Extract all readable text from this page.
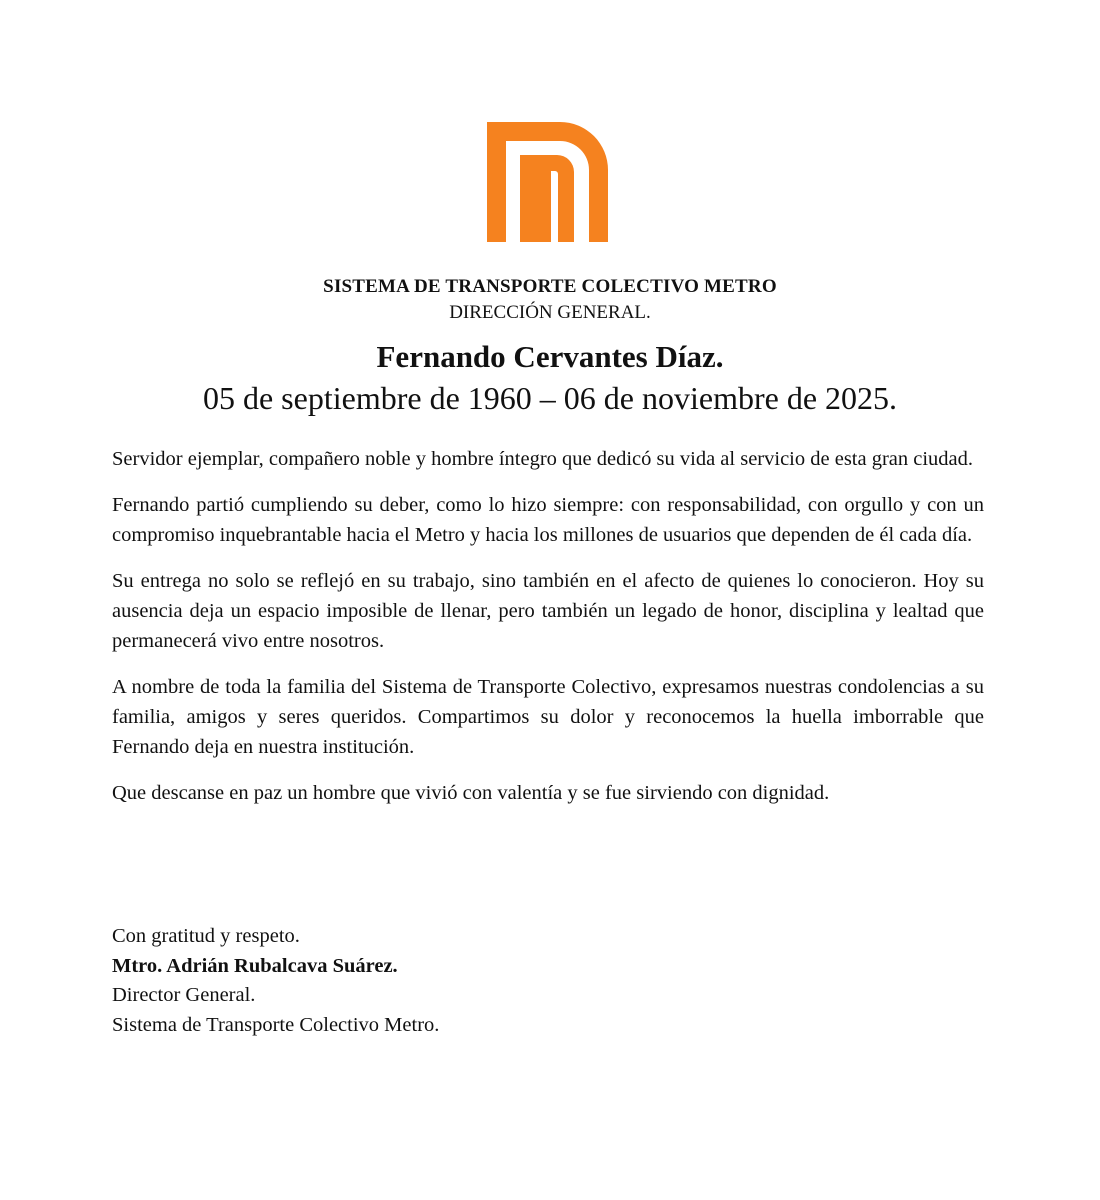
SISTEMA DE TRANSPORTE COLECTIVO METRO
DIRECCIÓN GENERAL.
Fernando Cervantes Díaz.
05 de septiembre de 1960 – 06 de noviembre de 2025.

Servidor ejemplar, compañero noble y hombre íntegro que dedicó su vida al servicio de esta gran ciudad.

Fernando partió cumpliendo su deber, como lo hizo siempre: con responsabilidad, con orgullo y con un compromiso inquebrantable hacia el Metro y hacia los millones de usuarios que dependen de él cada día.

Su entrega no solo se reflejó en su trabajo, sino también en el afecto de quienes lo conocieron. Hoy su ausencia deja un espacio imposible de llenar, pero también un legado de honor, disciplina y lealtad que permanecerá vivo entre nosotros.

A nombre de toda la familia del Sistema de Transporte Colectivo, expresamos nuestras condolencias a su familia, amigos y seres queridos. Compartimos su dolor y reconocemos la huella imborrable que Fernando deja en nuestra institución.

Que descanse en paz un hombre que vivió con valentía y se fue sirviendo con dignidad.

Con gratitud y respeto.
Mtro. Adrián Rubalcava Suárez.
Director General.
Sistema de Transporte Colectivo Metro.
